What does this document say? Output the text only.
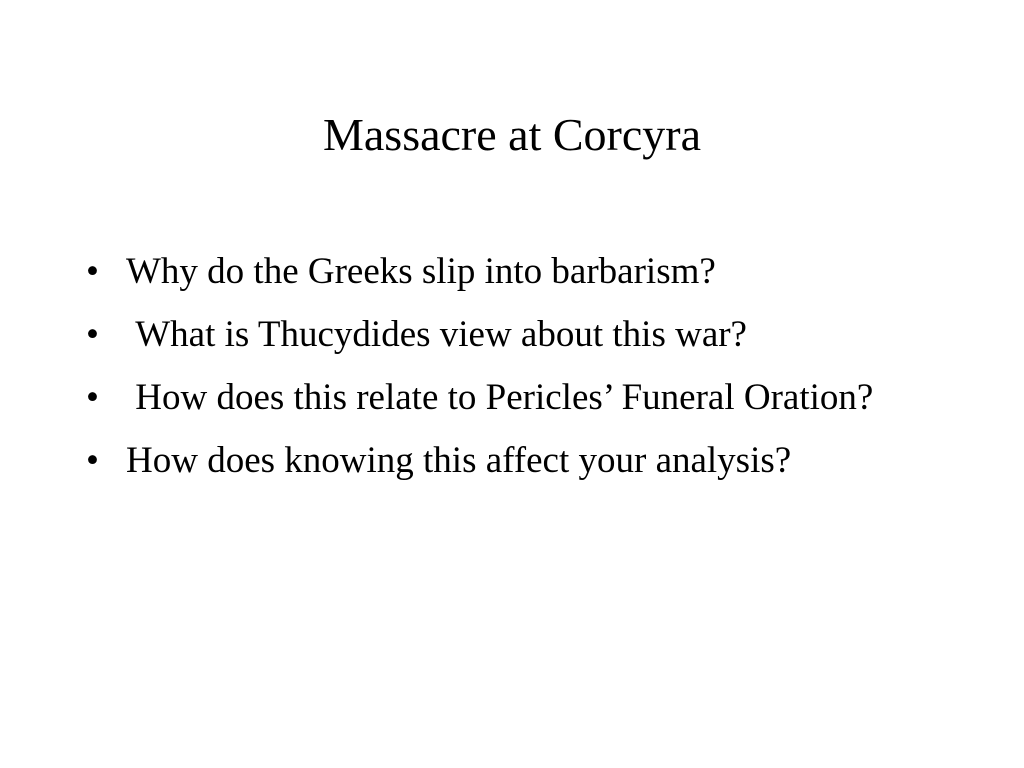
Massacre at Corcyra
• Why do the Greeks slip into barbarism?
• What is Thucydides view about this war?
• How does this relate to Pericles’ Funeral Oration?
• How does knowing this affect your analysis?
